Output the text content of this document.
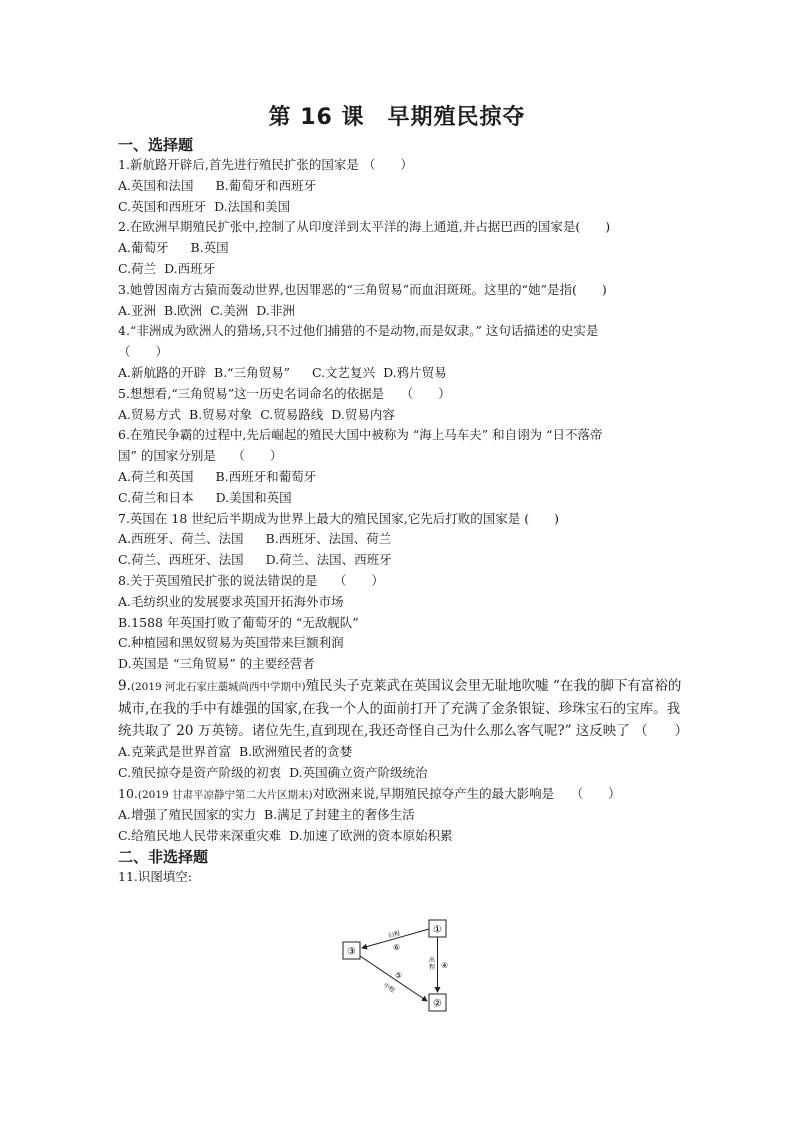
第 16 课　早期殖民掠夺
一、选择题
1.新航路开辟后,首先进行殖民扩张的国家是 （　　）
A.英国和法国 B.葡萄牙和西班牙
C.英国和西班牙 D.法国和美国
2.在欧洲早期殖民扩张中,控制了从印度洋到太平洋的海上通道,并占据巴西的国家是(　　)
A.葡萄牙 B.英国
C.荷兰 D.西班牙
3.她曾因南方古猿而轰动世界,也因罪恶的“三角贸易”而血泪斑斑。这里的“她”是指(　　)
A.亚洲 B.欧洲 C.美洲 D.非洲
4.“非洲成为欧洲人的猎场,只不过他们捕猎的不是动物,而是奴隶。” 这句话描述的史实是
（　　）
A.新航路的开辟 B.“三角贸易” C.文艺复兴 D.鸦片贸易
5.想想看,“三角贸易”这一历史名词命名的依据是　 （　　）
A.贸易方式 B.贸易对象 C.贸易路线 D.贸易内容
6.在殖民争霸的过程中,先后崛起的殖民大国中被称为 “海上马车夫” 和自诩为 “日不落帝
国” 的国家分别是　 （　　）
A.荷兰和英国 B.西班牙和葡萄牙
C.荷兰和日本 D.美国和英国
7.英国在 18 世纪后半期成为世界上最大的殖民国家,它先后打败的国家是 (　　)
A.西班牙、荷兰、法国 B.西班牙、法国、荷兰
C.荷兰、西班牙、法国 D.荷兰、法国、西班牙
8.关于英国殖民扩张的说法错误的是　 （　　）
A.毛纺织业的发展要求英国开拓海外市场
B.1588 年英国打败了葡萄牙的 “无敌舰队”
C.种植园和黑奴贸易为英国带来巨额利润
D.英国是 “三角贸易” 的主要经营者
9.(2019 河北石家庄藁城尚西中学期中)殖民头子克莱武在英国议会里无耻地吹嘘 “在我的脚下有富裕的城市,在我的手中有雄强的国家,在我一个人的面前打开了充满了金条银锭、珍珠宝石的宝库。我统共取了 20 万英镑。诸位先生,直到现在,我还奇怪自己为什么那么客气呢?” 这反映了 （　　）
A.克莱武是世界首富 B.欧洲殖民者的贪婪
C.殖民掠夺是资产阶级的初衷 D.英国确立资产阶级统治
10.(2019 甘肃平凉静宁第二大片区期末)对欧洲来说,早期殖民掠夺产生的最大影响是　 （　　）
A.增强了殖民国家的实力 B.满足了封建主的奢侈生活
C.给殖民地人民带来深重灾难 D.加速了欧洲的资本原始积累
二、非选择题
11.识图填空:
①
②
③
归程
⑥
出
程 ④
⑤
中程
